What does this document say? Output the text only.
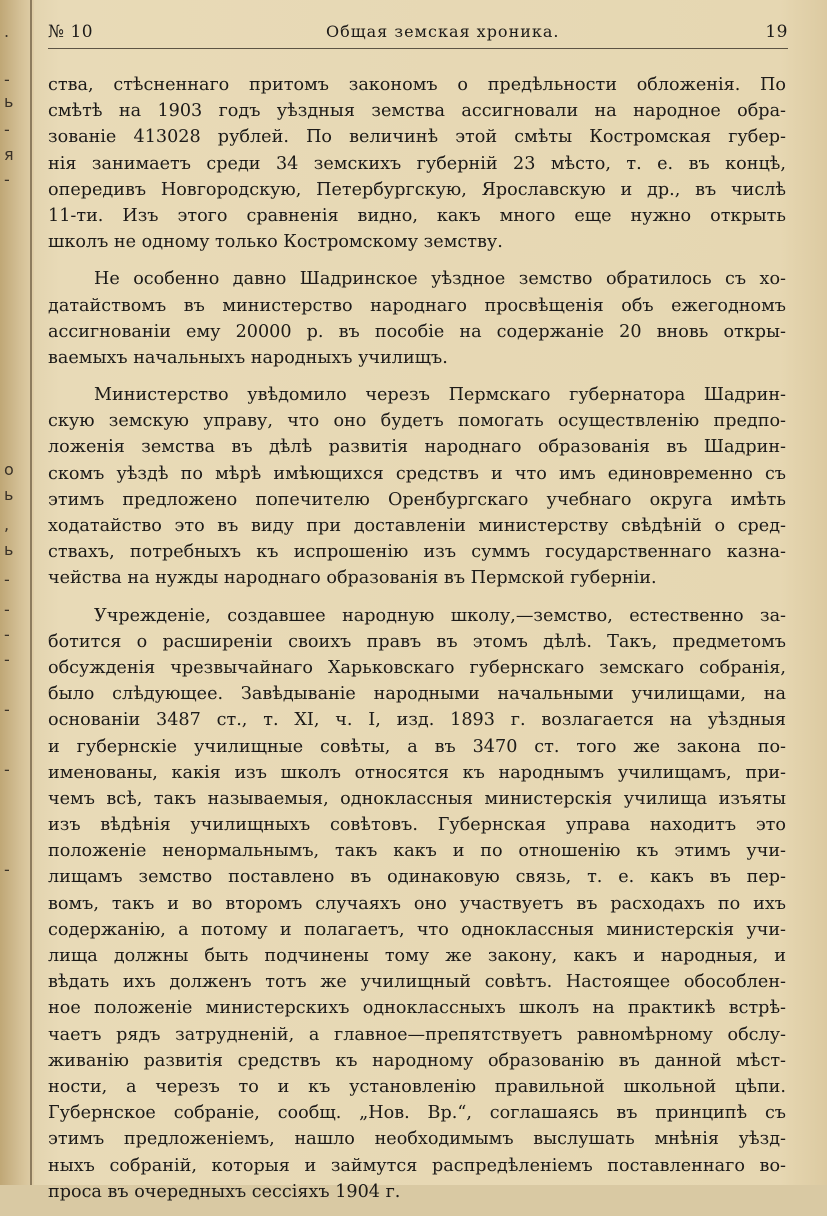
.
-
ь
-
я
-
o
ь
,
ь
-
-
-
-
-
-
-
№ 10	Общая земская хроника.	19
ства, стѣсненнаго притомъ закономъ о предѣльности обложенія. По
смѣтѣ на 1903 годъ уѣздныя земства ассигновали на народное обра-
зованіе 413028 рублей. По величинѣ этой смѣты Костромская губер-
нія занимаетъ среди 34 земскихъ губерній 23 мѣсто, т. е. въ концѣ,
опередивъ Новгородскую, Петербургскую, Ярославскую и др., въ числѣ
11-ти. Изъ этого сравненія видно, какъ много еще нужно открыть
школъ не одному только Костромскому земству.
Не особенно давно Шадринское уѣздное земство обратилось съ хо-
датайствомъ въ министерство народнаго просвѣщенія объ ежегодномъ
ассигнованіи ему 20000 р. въ пособіе на содержаніе 20 вновь откры-
ваемыхъ начальныхъ народныхъ училищъ.
Министерство увѣдомило черезъ Пермскаго губернатора Шадрин-
скую земскую управу, что оно будетъ помогать осуществленію предпо-
ложенія земства въ дѣлѣ развитія народнаго образованія въ Шадрин-
скомъ уѣздѣ по мѣрѣ имѣющихся средствъ и что имъ единовременно съ
этимъ предложено попечителю Оренбургскаго учебнаго округа имѣть
ходатайство это въ виду при доставленіи министерству свѣдѣній о сред-
ствахъ, потребныхъ къ испрошенію изъ суммъ государственнаго казна-
чейства на нужды народнаго образованія въ Пермской губерніи.
Учрежденіе, создавшее народную школу,—земство, естественно за-
ботится о расширеніи своихъ правъ въ этомъ дѣлѣ. Такъ, предметомъ
обсужденія чрезвычайнаго Харьковскаго губернскаго земскаго собранія,
было слѣдующее. Завѣдываніе народными начальными училищами, на
основаніи 3487 ст., т. XI, ч. I, изд. 1893 г. возлагается на уѣздныя
и губернскіе училищные совѣты, а въ 3470 ст. того же закона по-
именованы, какія изъ школъ относятся къ народнымъ училищамъ, при-
чемъ всѣ, такъ называемыя, одноклассныя министерскія училища изъяты
изъ вѣдѣнія училищныхъ совѣтовъ. Губернская управа находитъ это
положеніе ненормальнымъ, такъ какъ и по отношенію къ этимъ учи-
лищамъ земство поставлено въ одинаковую связь, т. е. какъ въ пер-
вомъ, такъ и во второмъ случаяхъ оно участвуетъ въ расходахъ по ихъ
содержанію, а потому и полагаетъ, что одноклассныя министерскія учи-
лища должны быть подчинены тому же закону, какъ и народныя, и
вѣдать ихъ долженъ тотъ же училищный совѣтъ. Настоящее обособлен-
ное положеніе министерскихъ одноклассныхъ школъ на практикѣ встрѣ-
чаетъ рядъ затрудненій, а главное—препятствуетъ равномѣрному обслу-
живанію развитія средствъ къ народному образованію въ данной мѣст-
ности, а черезъ то и къ установленію правильной школьной цѣпи.
Губернское собраніе, сообщ. „Нов. Вр.“, соглашаясь въ принципѣ съ
этимъ предложеніемъ, нашло необходимымъ выслушать мнѣнія уѣзд-
ныхъ собраній, которыя и займутся распредѣленіемъ поставленнаго во-
проса въ очередныхъ сессіяхъ 1904 г.
